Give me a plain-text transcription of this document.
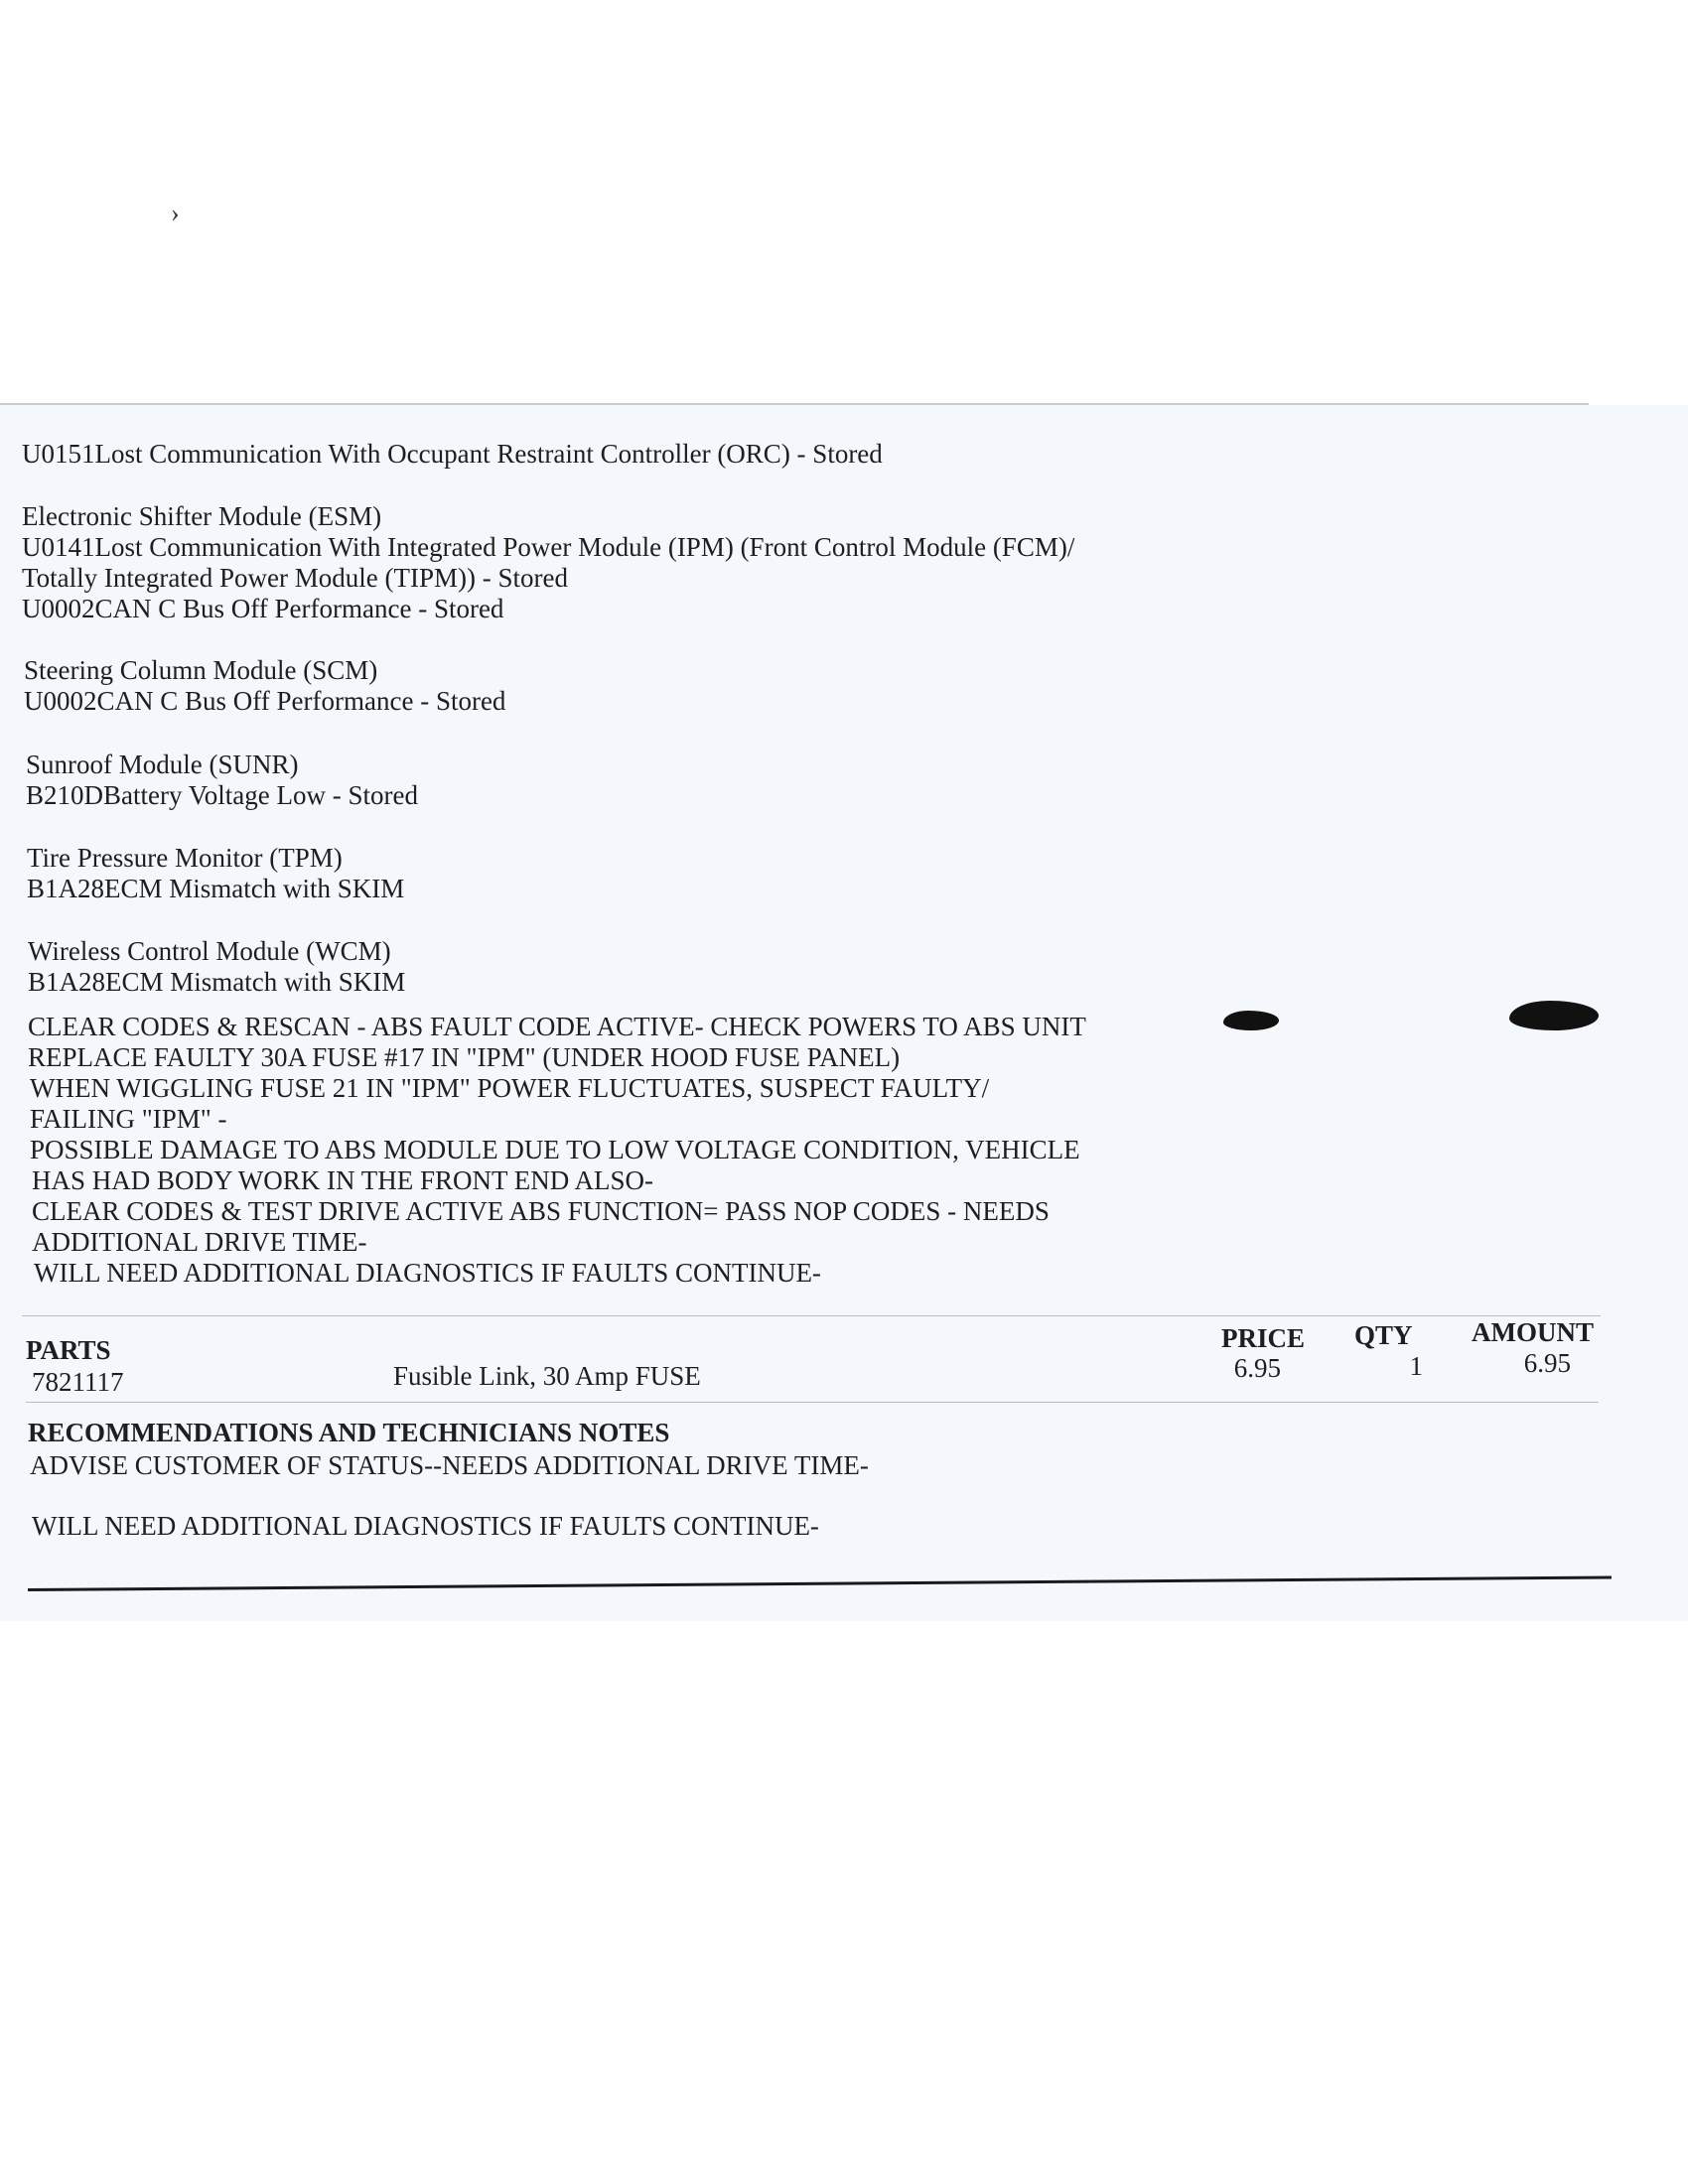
›
U0151Lost Communication With Occupant Restraint Controller (ORC) - Stored
Electronic Shifter Module (ESM)
U0141Lost Communication With Integrated Power Module (IPM) (Front Control Module (FCM)/
Totally Integrated Power Module (TIPM)) - Stored
U0002CAN C Bus Off Performance - Stored
Steering Column Module (SCM)
U0002CAN C Bus Off Performance - Stored
Sunroof Module (SUNR)
B210DBattery Voltage Low - Stored
Tire Pressure Monitor (TPM)
B1A28ECM Mismatch with SKIM
Wireless Control Module (WCM)
B1A28ECM Mismatch with SKIM
CLEAR CODES & RESCAN - ABS FAULT CODE ACTIVE- CHECK POWERS TO ABS UNIT
REPLACE FAULTY 30A FUSE #17 IN "IPM" (UNDER HOOD FUSE PANEL)
WHEN WIGGLING FUSE 21 IN "IPM" POWER FLUCTUATES, SUSPECT FAULTY/
FAILING "IPM" -
POSSIBLE DAMAGE TO ABS MODULE DUE TO LOW VOLTAGE CONDITION, VEHICLE
HAS HAD BODY WORK IN THE FRONT END ALSO-
CLEAR CODES & TEST DRIVE ACTIVE ABS FUNCTION= PASS NOP CODES - NEEDS
ADDITIONAL DRIVE TIME-
WILL NEED ADDITIONAL DIAGNOSTICS IF FAULTS CONTINUE-
PARTS	PRICE QTY AMOUNT
7821117	Fusible Link, 30 Amp FUSE	6.95	1	6.95
RECOMMENDATIONS AND TECHNICIANS NOTES
ADVISE CUSTOMER OF STATUS--NEEDS ADDITIONAL DRIVE TIME-
WILL NEED ADDITIONAL DIAGNOSTICS IF FAULTS CONTINUE-
